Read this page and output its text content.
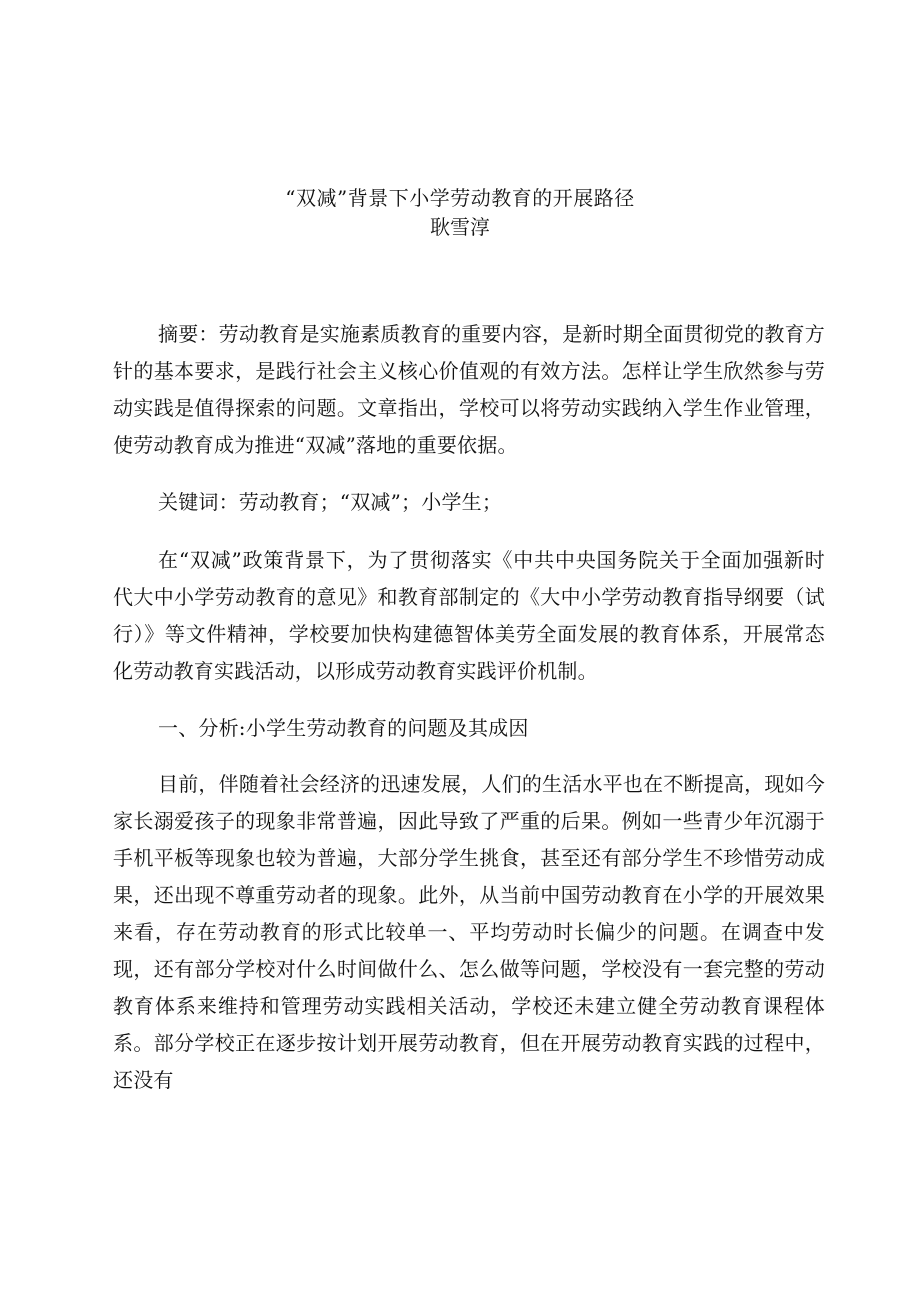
“双减”背景下小学劳动教育的开展路径
耿雪淳

摘要：劳动教育是实施素质教育的重要内容，是新时期全面贯彻党的教育方针的基本要求，是践行社会主义核心价值观的有效方法。怎样让学生欣然参与劳动实践是值得探索的问题。文章指出，学校可以将劳动实践纳入学生作业管理，使劳动教育成为推进“双减”落地的重要依据。

关键词：劳动教育；“双减”；小学生；

在“双减”政策背景下，为了贯彻落实《中共中央国务院关于全面加强新时代大中小学劳动教育的意见》和教育部制定的《大中小学劳动教育指导纲要（试行）》等文件精神，学校要加快构建德智体美劳全面发展的教育体系，开展常态化劳动教育实践活动，以形成劳动教育实践评价机制。

一、分析:小学生劳动教育的问题及其成因

目前，伴随着社会经济的迅速发展，人们的生活水平也在不断提高，现如今家长溺爱孩子的现象非常普遍，因此导致了严重的后果。例如一些青少年沉溺于手机平板等现象也较为普遍，大部分学生挑食，甚至还有部分学生不珍惜劳动成果，还出现不尊重劳动者的现象。此外，从当前中国劳动教育在小学的开展效果来看，存在劳动教育的形式比较单一、平均劳动时长偏少的问题。在调查中发现，还有部分学校对什么时间做什么、怎么做等问题，学校没有一套完整的劳动教育体系来维持和管理劳动实践相关活动，学校还未建立健全劳动教育课程体系。部分学校正在逐步按计划开展劳动教育，但在开展劳动教育实践的过程中，还没有
